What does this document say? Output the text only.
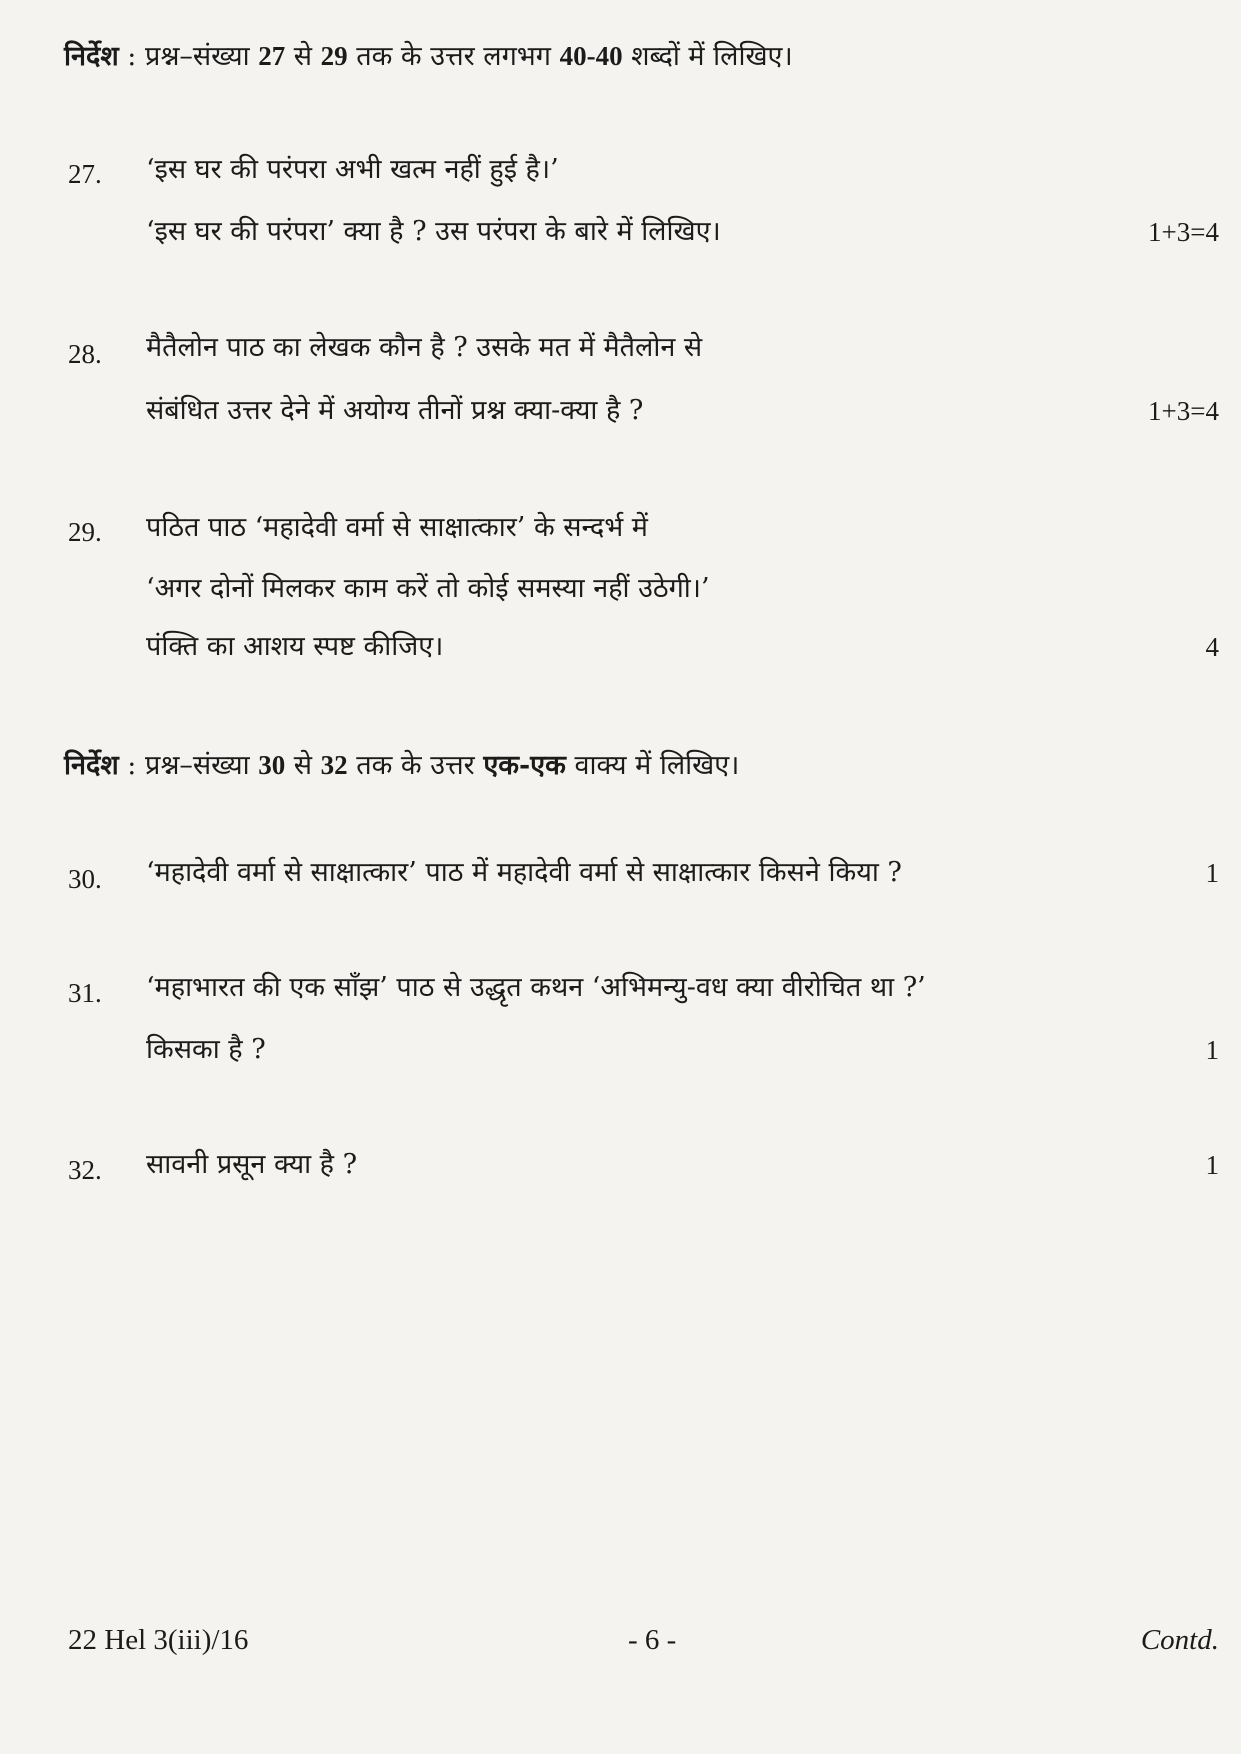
निर्देश : प्रश्न–संख्या 27 से 29 तक के उत्तर लगभग 40-40 शब्दों में लिखिए।
27. ‘इस घर की परंपरा अभी खत्म नहीं हुई है।’
‘इस घर की परंपरा’ क्या है ? उस परंपरा के बारे में लिखिए।	1+3=4
28. मैतैलोन पाठ का लेखक कौन है ? उसके मत में मैतैलोन से
संबंधित उत्तर देने में अयोग्य तीनों प्रश्न क्या-क्या है ?	1+3=4
29. पठित पाठ ‘महादेवी वर्मा से साक्षात्कार’ के सन्दर्भ में
‘अगर दोनों मिलकर काम करें तो कोई समस्या नहीं उठेगी।’
पंक्ति का आशय स्पष्ट कीजिए।	4
निर्देश : प्रश्न–संख्या 30 से 32 तक के उत्तर एक-एक वाक्य में लिखिए।
30. ‘महादेवी वर्मा से साक्षात्कार’ पाठ में महादेवी वर्मा से साक्षात्कार किसने किया ?	1
31. ‘महाभारत की एक साँझ’ पाठ से उद्धृत कथन ‘अभिमन्यु-वध क्या वीरोचित था ?’
किसका है ?	1
32. सावनी प्रसून क्या है ?	1
22 Hel 3(iii)/16	- 6 -	Contd.
